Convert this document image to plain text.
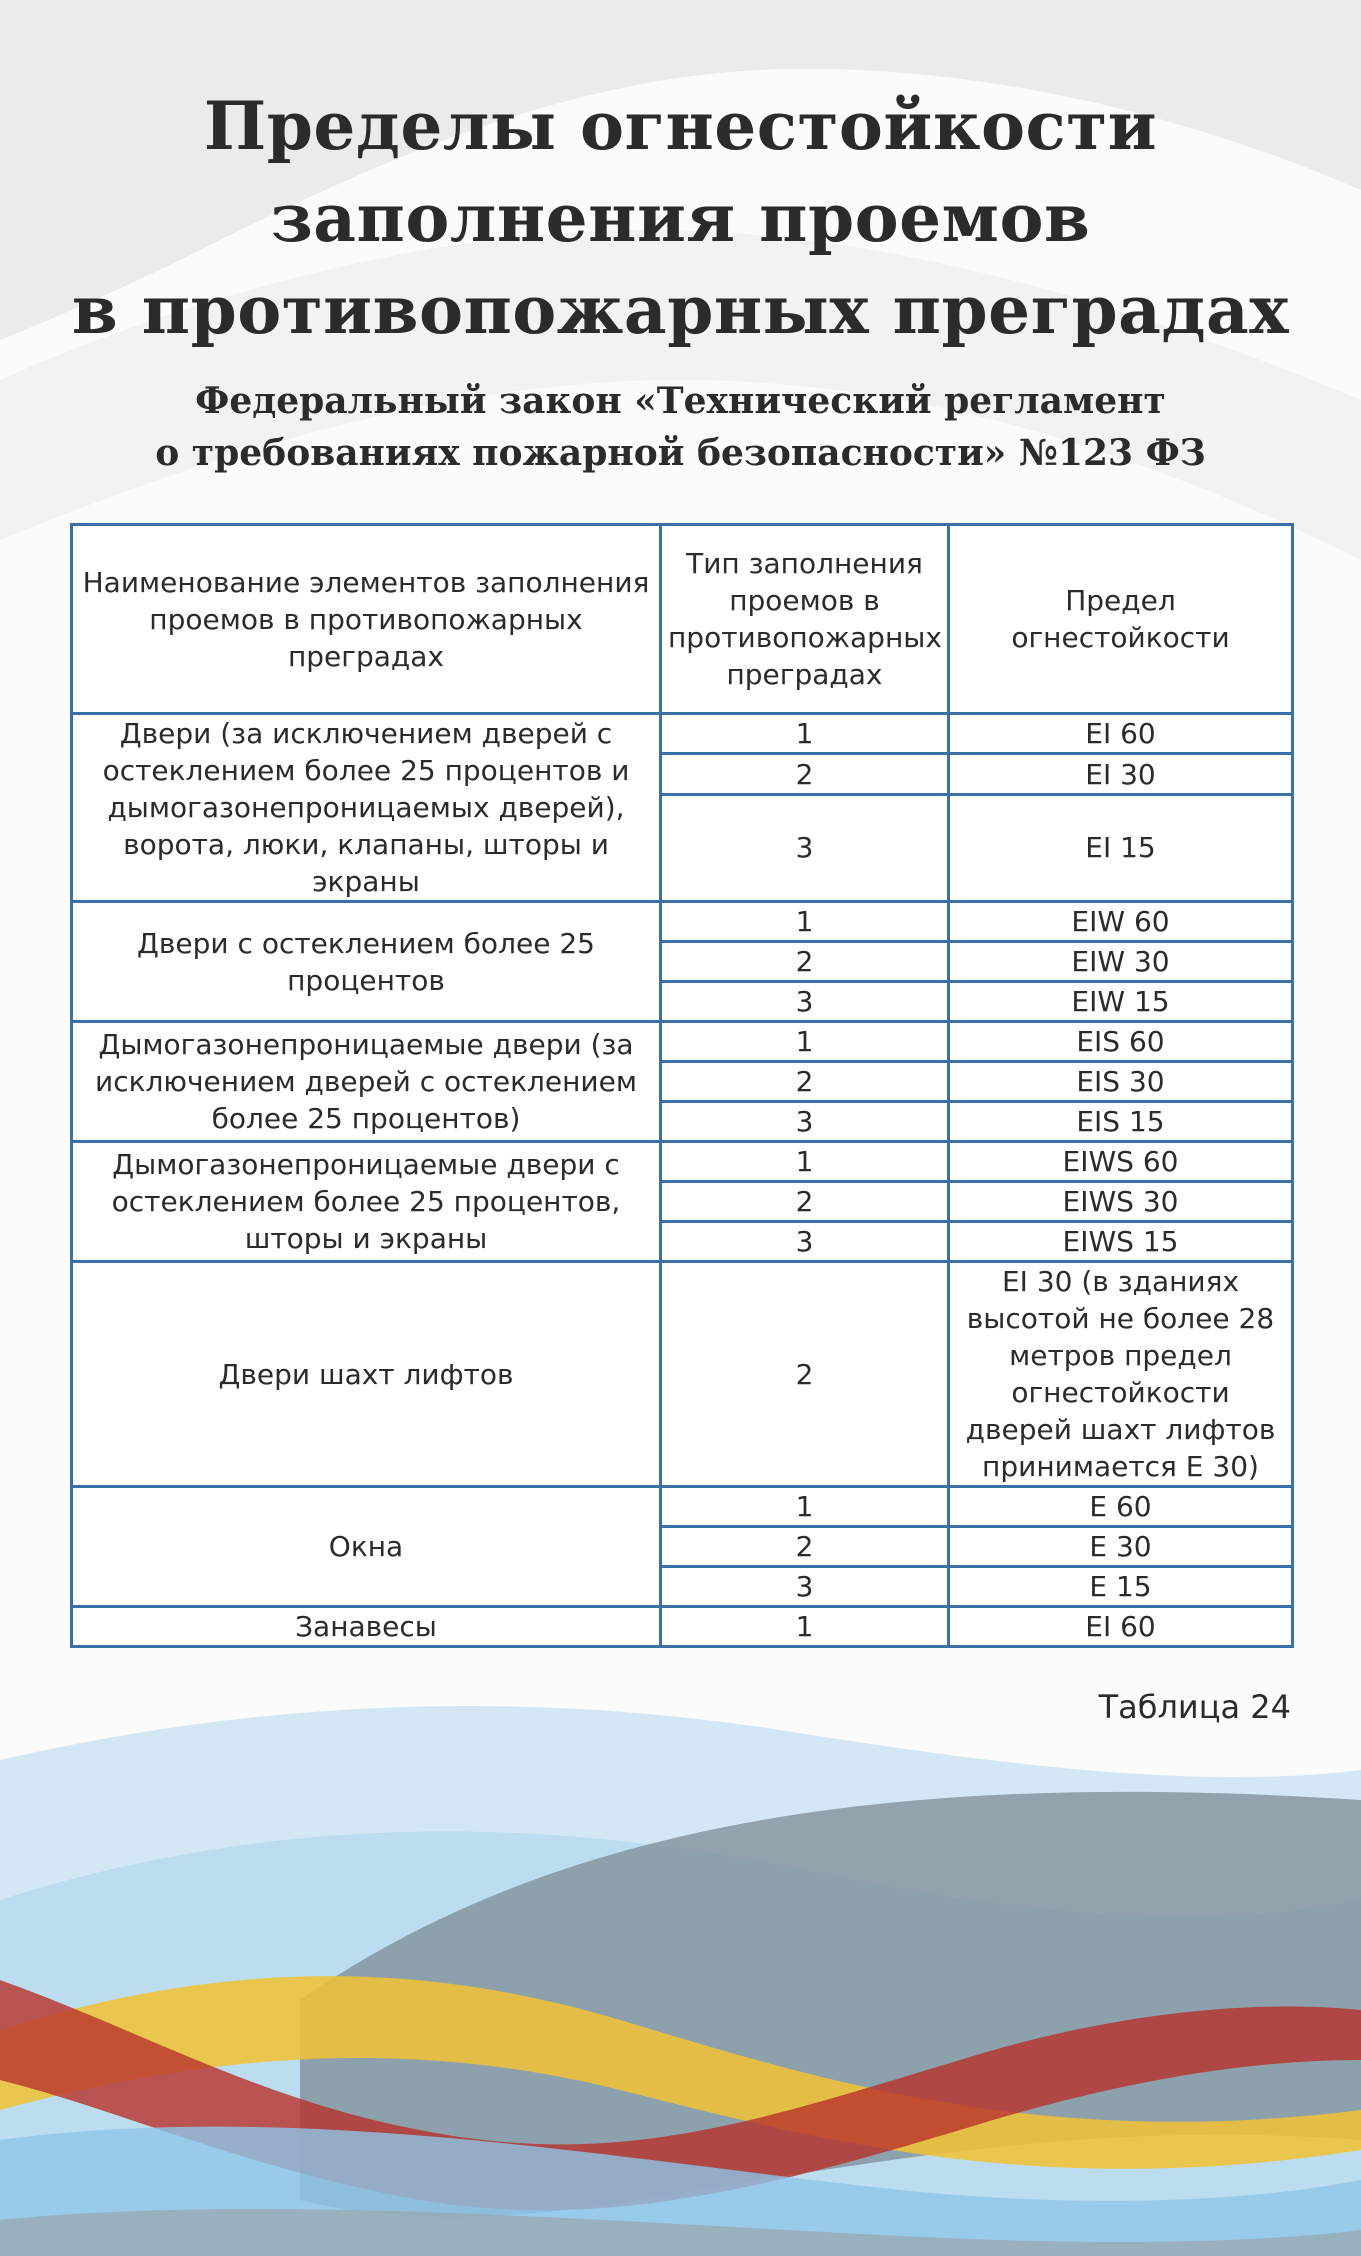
Пределы огнестойкости
заполнения проемов
в противопожарных преградах
Федеральный закон «Технический регламент
о требованиях пожарной безопасности» №123 ФЗ
Наименование элементов заполнения проемов в противопожарных преградах	Тип заполнения проемов в противопожарных преградах	Предел огнестойкости
Двери (за исключением дверей с остеклением более 25 процентов и дымогазонепроницаемых дверей), ворота, люки, клапаны, шторы и экраны	1	EI 60
	2	EI 30
	3	EI 15
Двери с остеклением более 25 процентов	1	EIW 60
	2	EIW 30
	3	EIW 15
Дымогазонепроницаемые двери (за исключением дверей с остеклением более 25 процентов)	1	EIS 60
	2	EIS 30
	3	EIS 15
Дымогазонепроницаемые двери с остеклением более 25 процентов, шторы и экраны	1	EIWS 60
	2	EIWS 30
	3	EIWS 15
Двери шахт лифтов	2	EI 30 (в зданиях высотой не более 28 метров предел огнестойкости дверей шахт лифтов принимается Е 30)
Окна	1	E 60
	2	E 30
	3	E 15
Занавесы	1	EI 60
Таблица 24
